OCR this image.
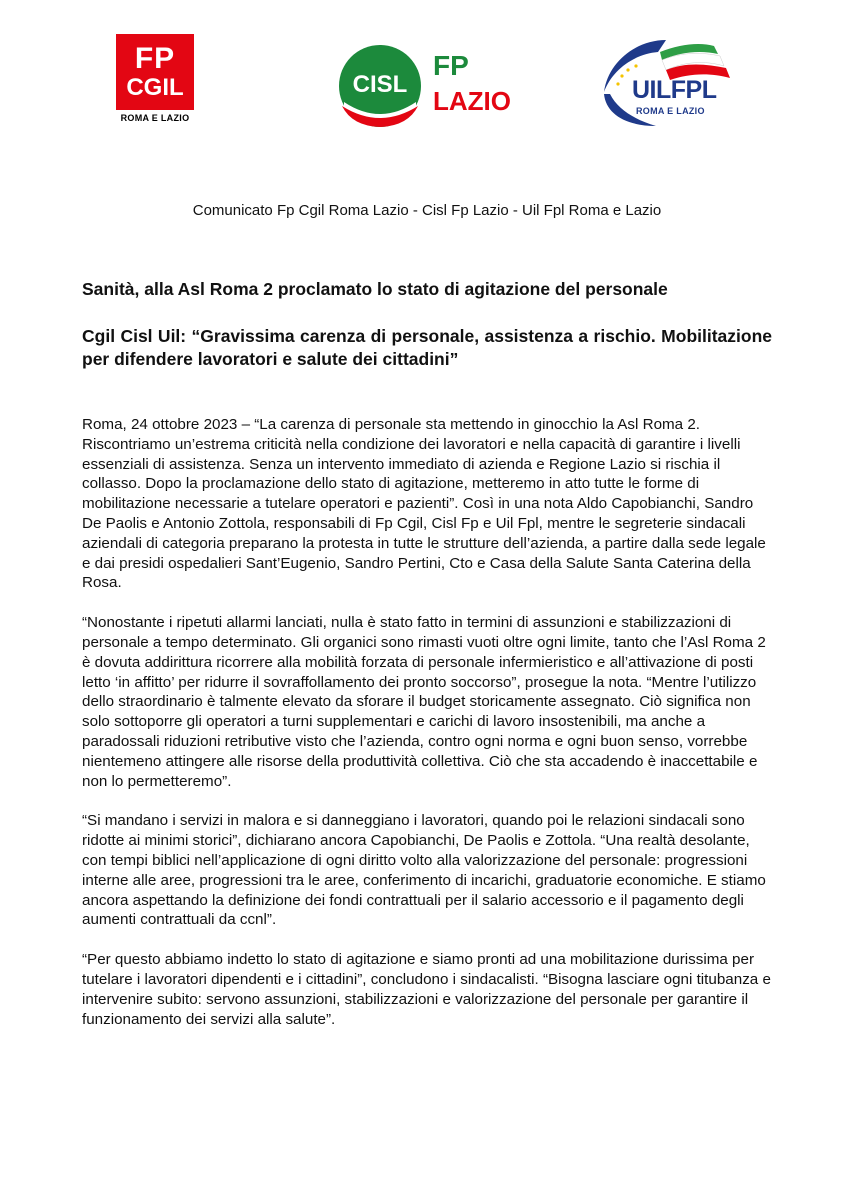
FP
CGIL
ROMA E LAZIO
CISL
FP
LAZIO	UILFPL
ROMA E LAZIO

Comunicato Fp Cgil Roma Lazio - Cisl Fp Lazio - Uil Fpl Roma e Lazio

Sanità, alla Asl Roma 2 proclamato lo stato di agitazione del personale

Cgil Cisl Uil: “Gravissima carenza di personale, assistenza a rischio. Mobilitazione per difendere lavoratori e salute dei cittadini”

Roma, 24 ottobre 2023 – “La carenza di personale sta mettendo in ginocchio la Asl Roma 2. Riscontriamo un’estrema criticità nella condizione dei lavoratori e nella capacità di garantire i livelli essenziali di assistenza. Senza un intervento immediato di azienda e Regione Lazio si rischia il collasso. Dopo la proclamazione dello stato di agitazione, metteremo in atto tutte le forme di mobilitazione necessarie a tutelare operatori e pazienti”. Così in una nota Aldo Capobianchi, Sandro De Paolis e Antonio Zottola, responsabili di Fp Cgil, Cisl Fp e Uil Fpl, mentre le segreterie sindacali aziendali di categoria preparano la protesta in tutte le strutture dell’azienda, a partire dalla sede legale e dai presidi ospedalieri Sant’Eugenio, Sandro Pertini, Cto e Casa della Salute Santa Caterina della Rosa.

“Nonostante i ripetuti allarmi lanciati, nulla è stato fatto in termini di assunzioni e stabilizzazioni di personale a tempo determinato. Gli organici sono rimasti vuoti oltre ogni limite, tanto che l’Asl Roma 2 è dovuta addirittura ricorrere alla mobilità forzata di personale infermieristico e all’attivazione di posti letto ‘in affitto’ per ridurre il sovraffollamento dei pronto soccorso”, prosegue la nota. “Mentre l’utilizzo dello straordinario è talmente elevato da sforare il budget storicamente assegnato. Ciò significa non solo sottoporre gli operatori a turni supplementari e carichi di lavoro insostenibili, ma anche a paradossali riduzioni retributive visto che l’azienda, contro ogni norma e ogni buon senso, vorrebbe nientemeno attingere alle risorse della produttività collettiva. Ciò che sta accadendo è inaccettabile e non lo permetteremo”.

“Si mandano i servizi in malora e si danneggiano i lavoratori, quando poi le relazioni sindacali sono ridotte ai minimi storici”, dichiarano ancora Capobianchi, De Paolis e Zottola. “Una realtà desolante, con tempi biblici nell’applicazione di ogni diritto volto alla valorizzazione del personale: progressioni interne alle aree, progressioni tra le aree, conferimento di incarichi, graduatorie economiche. E stiamo ancora aspettando la definizione dei fondi contrattuali per il salario accessorio e il pagamento degli aumenti contrattuali da ccnl”.

“Per questo abbiamo indetto lo stato di agitazione e siamo pronti ad una mobilitazione durissima per tutelare i lavoratori dipendenti e i cittadini”, concludono i sindacalisti. “Bisogna lasciare ogni titubanza e intervenire subito: servono assunzioni, stabilizzazioni e valorizzazione del personale per garantire il funzionamento dei servizi alla salute”.
